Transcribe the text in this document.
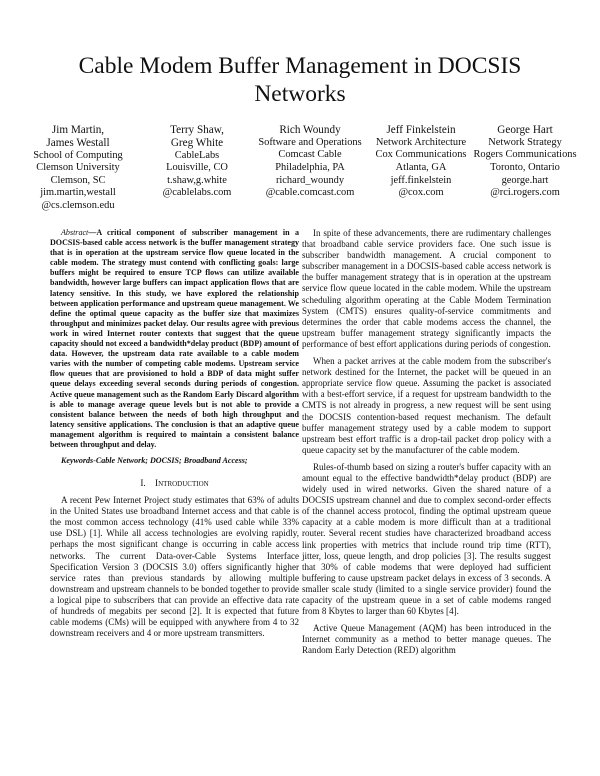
Cable Modem Buffer Management in DOCSIS Networks
Jim Martin,
James Westall
School of Computing
Clemson University
Clemson, SC
jim.martin,westall
@cs.clemson.edu
Terry Shaw,
Greg White
CableLabs
Louisville, CO
t.shaw,g.white
@cablelabs.com
Rich Woundy
Software and Operations
Comcast Cable
Philadelphia, PA
richard_woundy
@cable.comcast.com
Jeff Finkelstein
Network Architecture
Cox Communications
Atlanta, GA
jeff.finkelstein
@cox.com
George Hart
Network Strategy
Rogers Communications
Toronto, Ontario
george.hart
@rci.rogers.com

Abstract—A critical component of subscriber management in a DOCSIS-based cable access network is the buffer management strategy that is in operation at the upstream service flow queue located in the cable modem. The strategy must contend with conflicting goals: large buffers might be required to ensure TCP flows can utilize available bandwidth, however large buffers can impact application flows that are latency sensitive. In this study, we have explored the relationship between application performance and upstream queue management. We define the optimal queue capacity as the buffer size that maximizes throughput and minimizes packet delay. Our results agree with previous work in wired Internet router contexts that suggest that the queue capacity should not exceed a bandwidth*delay product (BDP) amount of data. However, the upstream data rate available to a cable modem varies with the number of competing cable modems. Upstream service flow queues that are provisioned to hold a BDP of data might suffer queue delays exceeding several seconds during periods of congestion. Active queue management such as the Random Early Discard algorithm is able to manage average queue levels but is not able to provide a consistent balance between the needs of both high throughput and latency sensitive applications. The conclusion is that an adaptive queue management algorithm is required to maintain a consistent balance between throughput and delay.

Keywords-Cable Network; DOCSIS; Broadband Access;

I. Introduction

A recent Pew Internet Project study estimates that 63% of adults in the United States use broadband Internet access and that cable is the most common access technology (41% used cable while 33% use DSL) [1]. While all access technologies are evolving rapidly, perhaps the most significant change is occurring in cable access networks. The current Data-over-Cable Systems Interface Specification Version 3 (DOCSIS 3.0) offers significantly higher service rates than previous standards by allowing multiple downstream and upstream channels to be bonded together to provide a logical pipe to subscribers that can provide an effective data rate of hundreds of megabits per second [2]. It is expected that future cable modems (CMs) will be equipped with anywhere from 4 to 32 downstream receivers and 4 or more upstream transmitters.

In spite of these advancements, there are rudimentary challenges that broadband cable service providers face. One such issue is subscriber bandwidth management. A crucial component to subscriber management in a DOCSIS-based cable access network is the buffer management strategy that is in operation at the upstream service flow queue located in the cable modem. While the upstream scheduling algorithm operating at the Cable Modem Termination System (CMTS) ensures quality-of-service commitments and determines the order that cable modems access the channel, the upstream buffer management strategy significantly impacts the performance of best effort applications during periods of congestion.

When a packet arrives at the cable modem from the subscriber's network destined for the Internet, the packet will be queued in an appropriate service flow queue. Assuming the packet is associated with a best-effort service, if a request for upstream bandwidth to the CMTS is not already in progress, a new request will be sent using the DOCSIS contention-based request mechanism. The default buffer management strategy used by a cable modem to support upstream best effort traffic is a drop-tail packet drop policy with a queue capacity set by the manufacturer of the cable modem.

Rules-of-thumb based on sizing a router's buffer capacity with an amount equal to the effective bandwidth*delay product (BDP) are widely used in wired networks. Given the shared nature of a DOCSIS upstream channel and due to complex second-order effects of the channel access protocol, finding the optimal upstream queue capacity at a cable modem is more difficult than at a traditional router. Several recent studies have characterized broadband access link properties with metrics that include round trip time (RTT), jitter, loss, queue length, and drop policies [3]. The results suggest that 30% of cable modems that were deployed had sufficient buffering to cause upstream packet delays in excess of 3 seconds. A smaller scale study (limited to a single service provider) found the capacity of the upstream queue in a set of cable modems ranged from 8 Kbytes to larger than 60 Kbytes [4].

Active Queue Management (AQM) has been introduced in the Internet community as a method to better manage queues. The Random Early Detection (RED) algorithm
